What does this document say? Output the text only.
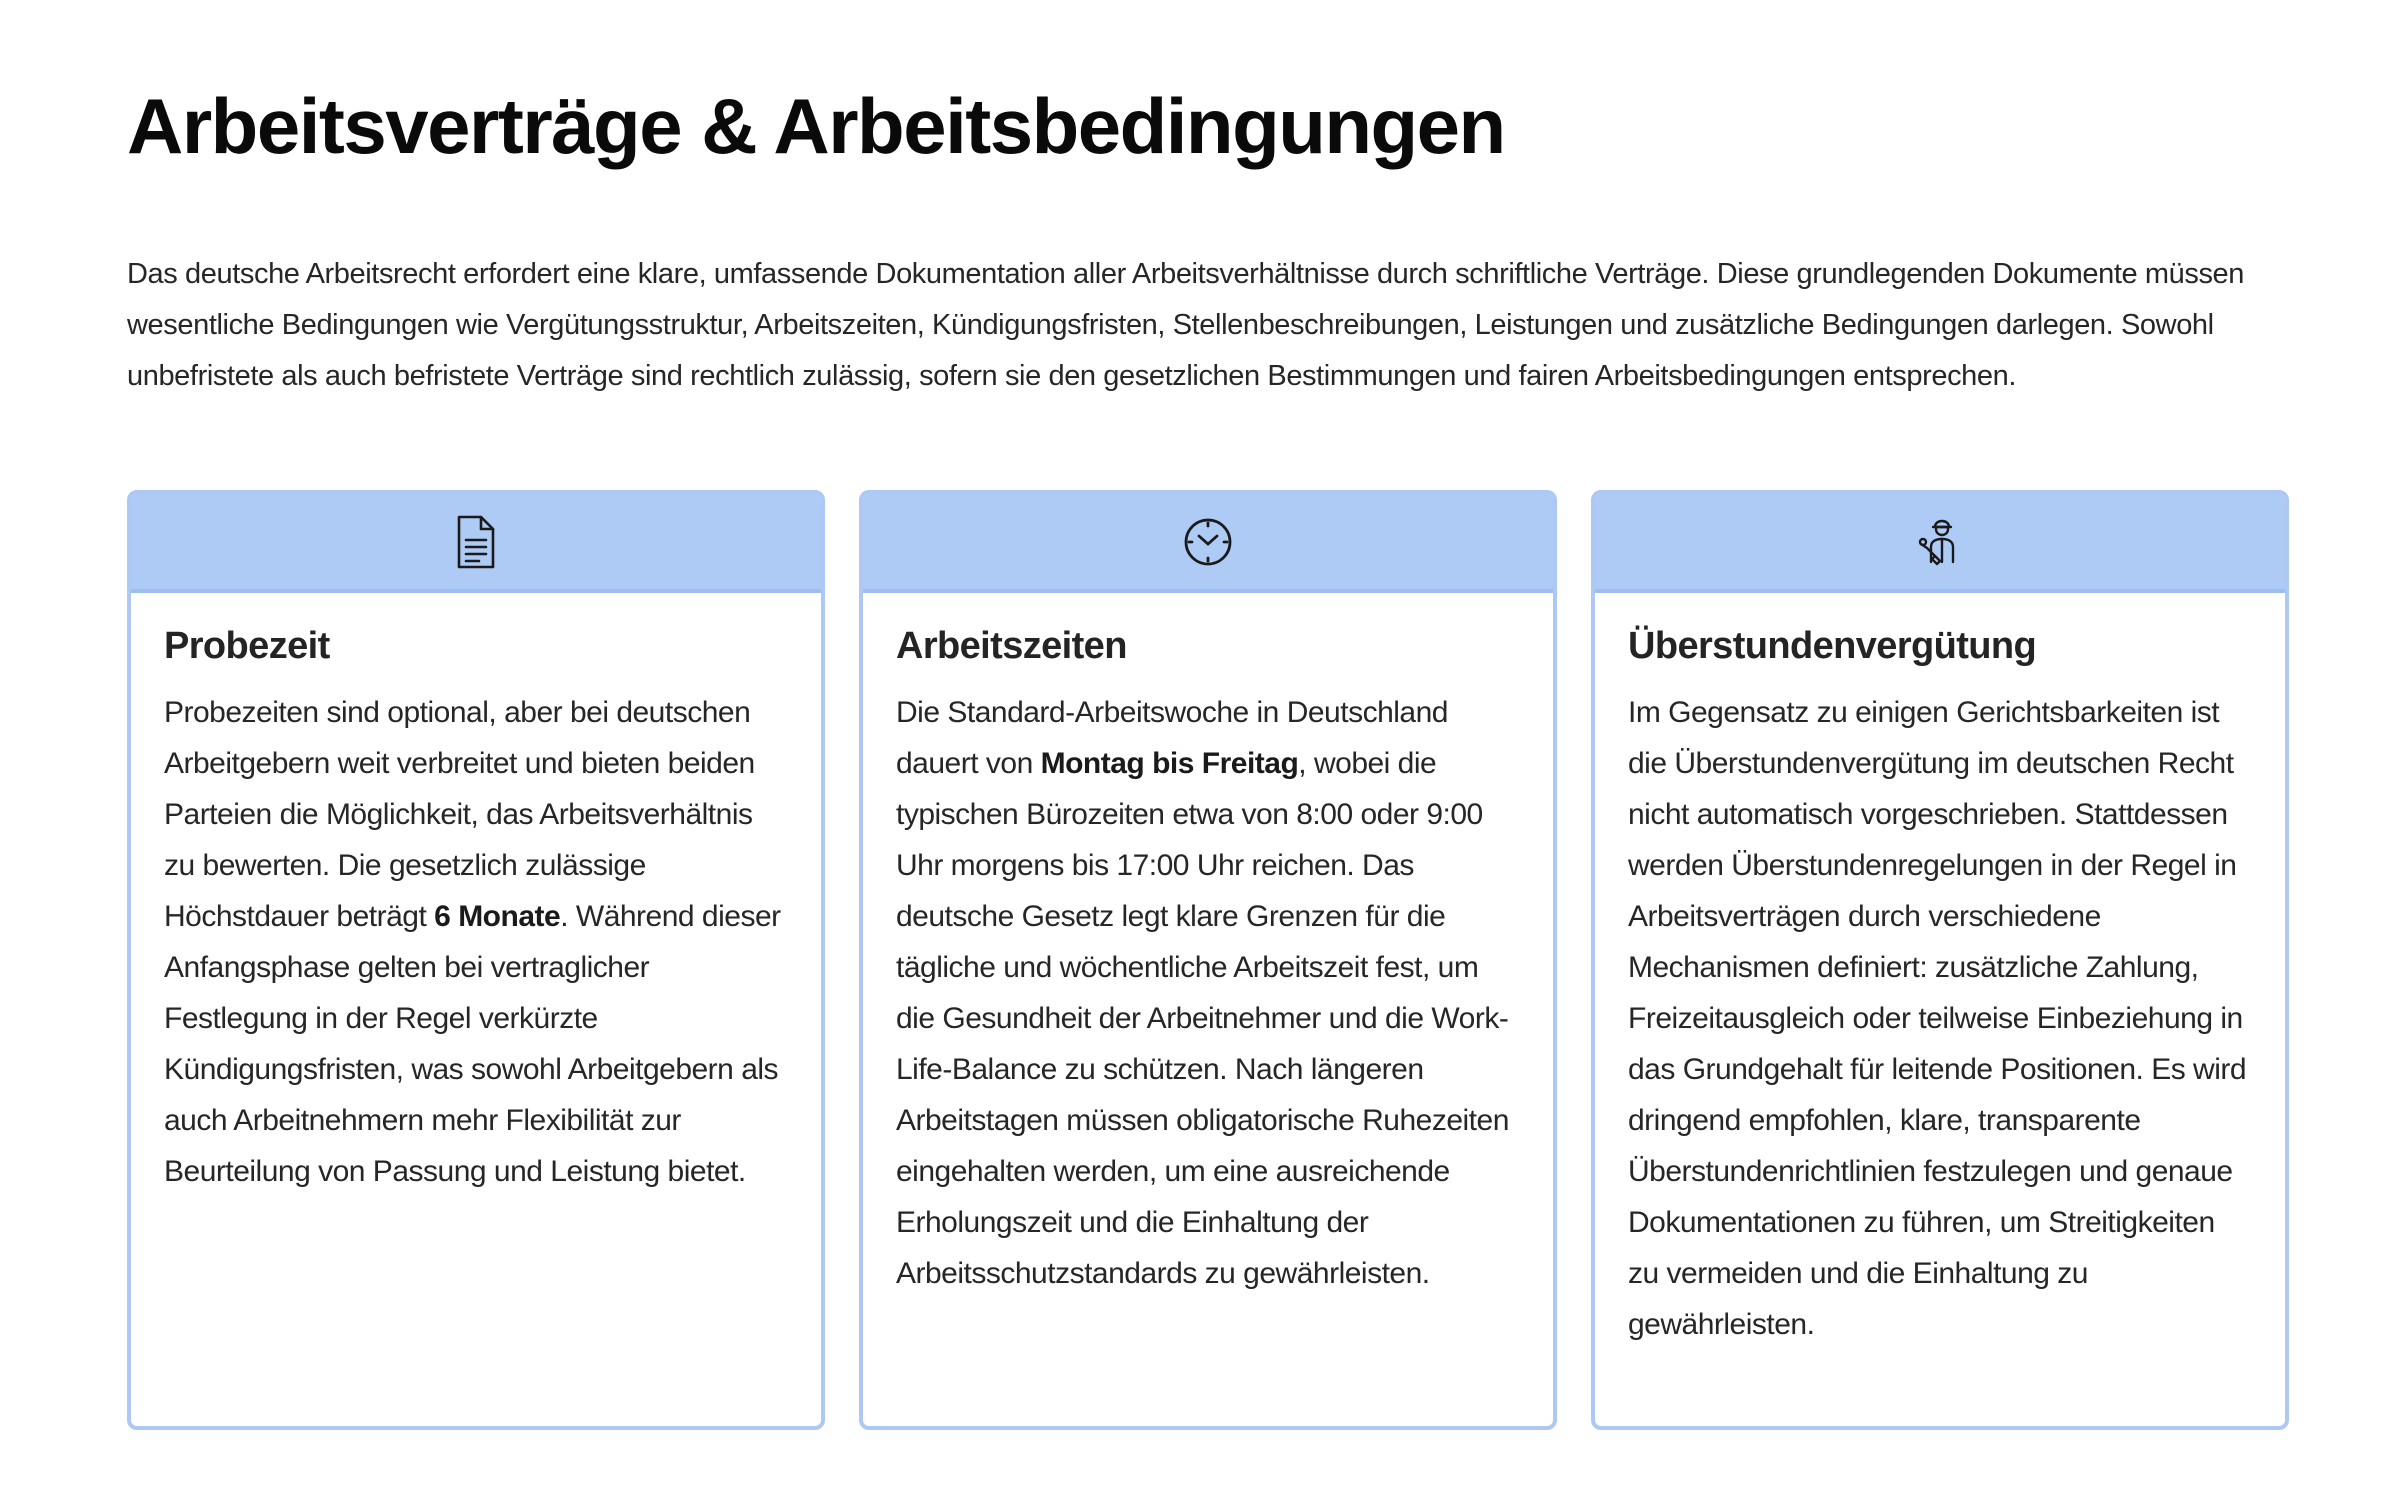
Arbeitsverträge & Arbeitsbedingungen

Das deutsche Arbeitsrecht erfordert eine klare, umfassende Dokumentation aller Arbeitsverhältnisse durch schriftliche Verträge. Diese grundlegenden Dokumente müssen wesentliche Bedingungen wie Vergütungsstruktur, Arbeitszeiten, Kündigungsfristen, Stellenbeschreibungen, Leistungen und zusätzliche Bedingungen darlegen. Sowohl unbefristete als auch befristete Verträge sind rechtlich zulässig, sofern sie den gesetzlichen Bestimmungen und fairen Arbeitsbedingungen entsprechen.

Probezeit

Probezeiten sind optional, aber bei deutschen Arbeitgebern weit verbreitet und bieten beiden Parteien die Möglichkeit, das Arbeitsverhältnis zu bewerten. Die gesetzlich zulässige Höchstdauer beträgt 6 Monate. Während dieser Anfangsphase gelten bei vertraglicher Festlegung in der Regel verkürzte Kündigungsfristen, was sowohl Arbeitgebern als auch Arbeitnehmern mehr Flexibilität zur Beurteilung von Passung und Leistung bietet.

Arbeitszeiten

Die Standard-Arbeitswoche in Deutschland dauert von Montag bis Freitag, wobei die typischen Bürozeiten etwa von 8:00 oder 9:00 Uhr morgens bis 17:00 Uhr reichen. Das deutsche Gesetz legt klare Grenzen für die tägliche und wöchentliche Arbeitszeit fest, um die Gesundheit der Arbeitnehmer und die Work-Life-Balance zu schützen. Nach längeren Arbeitstagen müssen obligatorische Ruhezeiten eingehalten werden, um eine ausreichende Erholungszeit und die Einhaltung der Arbeitsschutzstandards zu gewährleisten.

Überstundenvergütung

Im Gegensatz zu einigen Gerichtsbarkeiten ist die Überstundenvergütung im deutschen Recht nicht automatisch vorgeschrieben. Stattdessen werden Überstundenregelungen in der Regel in Arbeitsverträgen durch verschiedene Mechanismen definiert: zusätzliche Zahlung, Freizeitausgleich oder teilweise Einbeziehung in das Grundgehalt für leitende Positionen. Es wird dringend empfohlen, klare, transparente Überstundenrichtlinien festzulegen und genaue Dokumentationen zu führen, um Streitigkeiten zu vermeiden und die Einhaltung zu gewährleisten.
